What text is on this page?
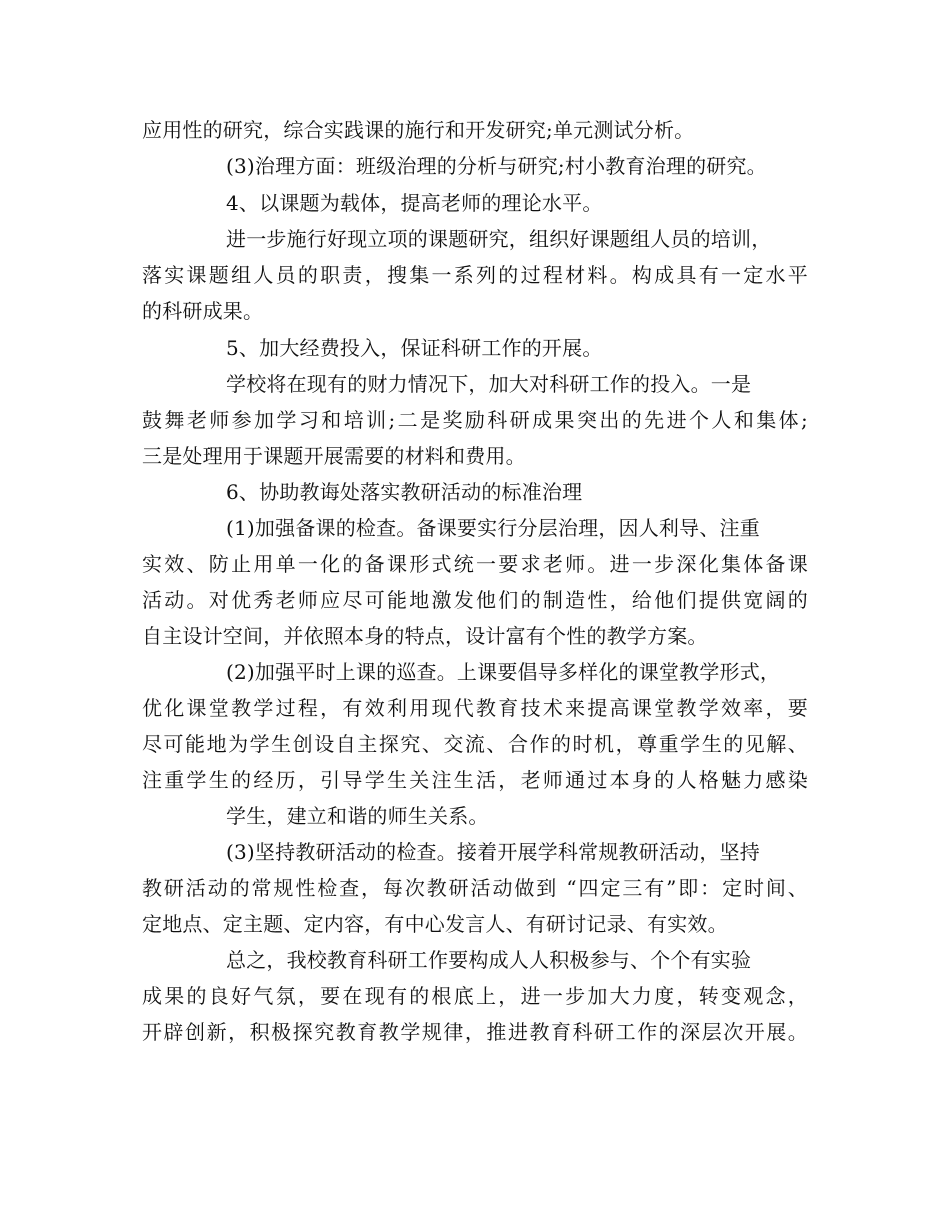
应用性的研究，综合实践课的施行和开发研究;单元测试分析。
(3)治理方面：班级治理的分析与研究;村小教育治理的研究。
4、以课题为载体，提高老师的理论水平。
进一步施行好现立项的课题研究，组织好课题组人员的培训，
落实课题组人员的职责，搜集一系列的过程材料。构成具有一定水平
的科研成果。
5、加大经费投入，保证科研工作的开展。
学校将在现有的财力情况下，加大对科研工作的投入。一是
鼓舞老师参加学习和培训;二是奖励科研成果突出的先进个人和集体;
三是处理用于课题开展需要的材料和费用。
6、协助教诲处落实教研活动的标准治理
(1)加强备课的检查。备课要实行分层治理，因人利导、注重
实效、防止用单一化的备课形式统一要求老师。进一步深化集体备课
活动。对优秀老师应尽可能地激发他们的制造性，给他们提供宽阔的
自主设计空间，并依照本身的特点，设计富有个性的教学方案。
(2)加强平时上课的巡查。上课要倡导多样化的课堂教学形式，
优化课堂教学过程，有效利用现代教育技术来提高课堂教学效率，要
尽可能地为学生创设自主探究、交流、合作的时机，尊重学生的见解、
注重学生的经历，引导学生关注生活，老师通过本身的人格魅力感染
学生，建立和谐的师生关系。
(3)坚持教研活动的检查。接着开展学科常规教研活动，坚持
教研活动的常规性检查，每次教研活动做到 “四定三有”即：定时间、
定地点、定主题、定内容，有中心发言人、有研讨记录、有实效。
总之，我校教育科研工作要构成人人积极参与、个个有实验
成果的良好气氛，要在现有的根底上，进一步加大力度，转变观念，
开辟创新，积极探究教育教学规律，推进教育科研工作的深层次开展。
